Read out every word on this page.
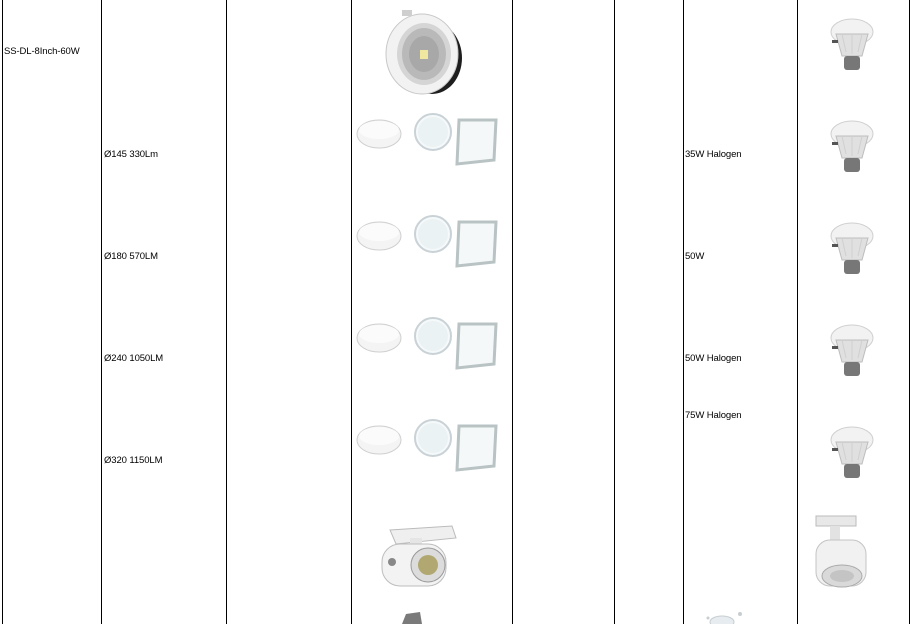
SS-DL-8Inch-60W
Ø145 330Lm
Ø180 570LM
Ø240 1050LM
Ø320 1150LM
35W Halogen
50W
50W Halogen
75W Halogen
